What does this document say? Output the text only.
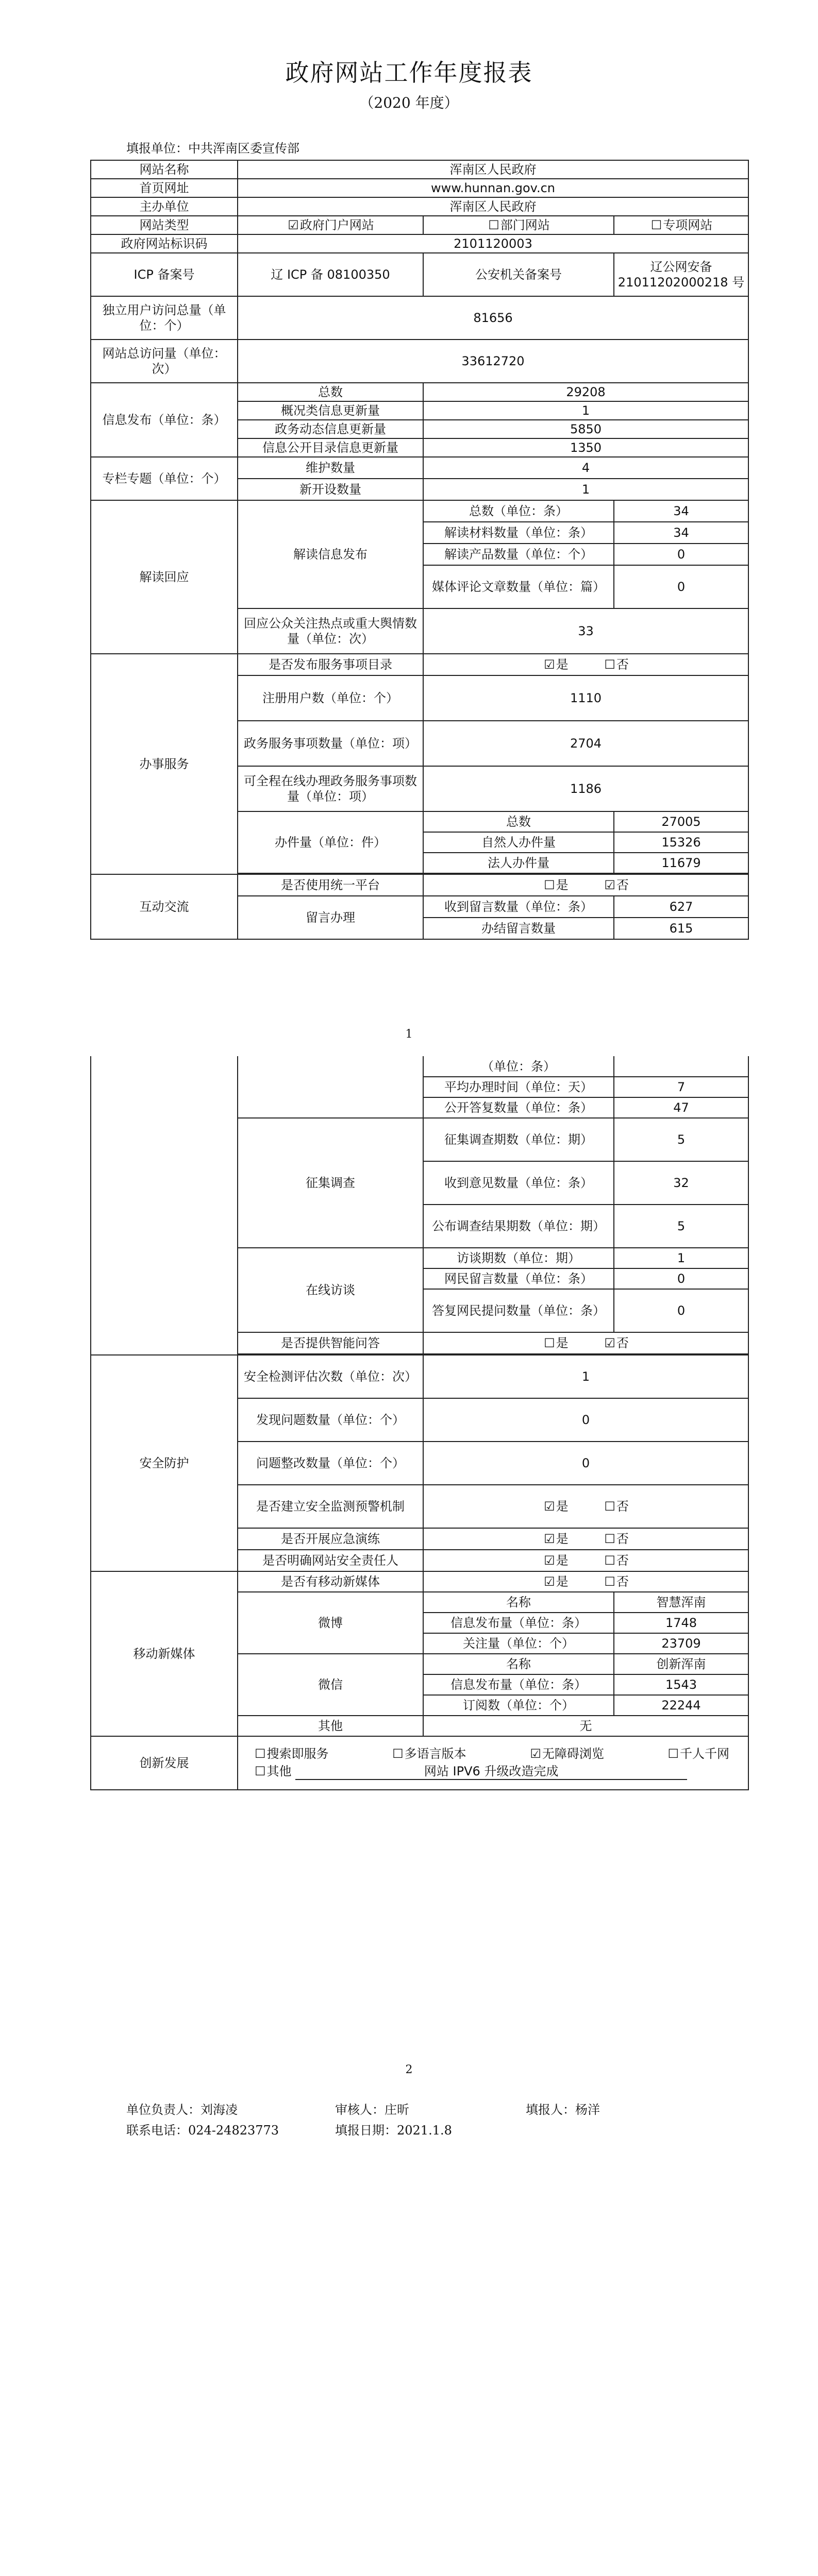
政府网站工作年度报表
（2020 年度）
填报单位：中共浑南区委宣传部
网站名称	浑南区人民政府		
首页网址	www.hunnan.gov.cn		
主办单位	浑南区人民政府		
网站类型	☑政府门户网站	☐部门网站	☐专项网站
政府网站标识码	2101120003		
ICP 备案号	辽 ICP 备 08100350	公安机关备案号	辽公网安备 21011202000218 号
独立用户访问总量（单位：个）	81656		
网站总访问量（单位：次）	33612720		
信息发布（单位：条）	总数	29208	
	概况类信息更新量	1	
	政务动态信息更新量	5850	
	信息公开目录信息更新量	1350	
专栏专题（单位：个）	维护数量	4	
	新开设数量	1	
解读回应	解读信息发布	总数（单位：条）	34
		解读材料数量（单位：条）	34
		解读产品数量（单位：个）	0
		媒体评论文章数量（单位：篇）	0
	回应公众关注热点或重大舆情数量（单位：次）	33	
办事服务	是否发布服务事项目录	☑是 ☐否	
	注册用户数（单位：个）	1110	
	政务服务事项数量（单位：项）	2704	
	可全程在线办理政务服务事项数量（单位：项）	1186	
	办件量（单位：件）	总数	27005
		自然人办件量	15326
		法人办件量	11679

互动交流	是否使用统一平台	☐是 ☑否	
	留言办理	收到留言数量（单位：条）	627
		办结留言数量	615
1
		（单位：条）	
		平均办理时间（单位：天）	7
		公开答复数量（单位：条）	47
	征集调查	征集调查期数（单位：期）	5
		收到意见数量（单位：条）	32
		公布调查结果期数（单位：期）	5
	在线访谈	访谈期数（单位：期）	1
		网民留言数量（单位：条）	0
		答复网民提问数量（单位：条）	0
	是否提供智能问答	☐是 ☑否	

安全防护	安全检测评估次数（单位：次）	1	
	发现问题数量（单位：个）	0	
	问题整改数量（单位：个）	0	
	是否建立安全监测预警机制	☑是 ☐否	
	是否开展应急演练	☑是 ☐否	
	是否明确网站安全责任人	☑是 ☐否	
移动新媒体	是否有移动新媒体	☑是 ☐否	
	微博	名称	智慧浑南
		信息发布量（单位：条）	1748
		关注量（单位：个）	23709
	微信	名称	创新浑南
		信息发布量（单位：条）	1543
		订阅数（单位：个）	22244
	其他	无	
创新发展	☐搜索即服务 ☐多语言版本 ☑无障碍浏览 ☐千人千网
☐其他 网站 IPV6 升级改造完成		
2
单位负责人：刘海凌	审核人：庄昕	填报人：杨洋
联系电话：024-24823773	填报日期：2021.1.8
